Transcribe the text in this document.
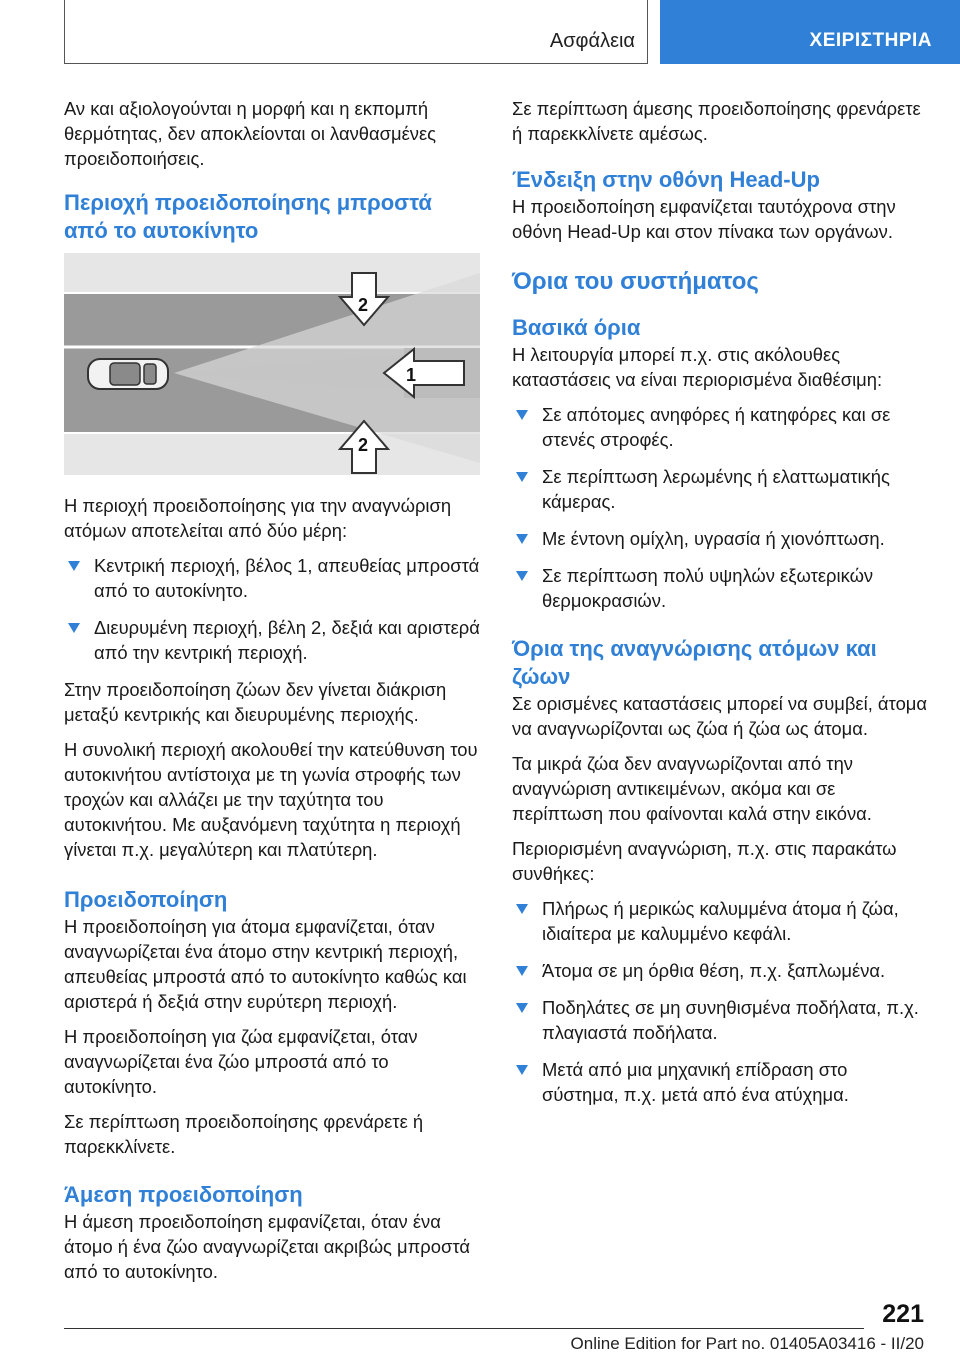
Ασφάλεια	ΧΕΙΡΙΣΤΗΡΙΑ

Αν και αξιολογούνται η μορφή και η εκπομπή θερμότητας, δεν αποκλείονται οι λανθασμένες προειδοποιήσεις.

Περιοχή προειδοποίησης μπροστά από το αυτοκίνητο
1
2
2

Η περιοχή προειδοποίησης για την αναγνώριση ατόμων αποτελείται από δύο μέρη:

Κεντρική περιοχή, βέλος 1, απευθείας μπροστά από το αυτοκίνητο.
Διευρυμένη περιοχή, βέλη 2, δεξιά και αριστερά από την κεντρική περιοχή.

Στην προειδοποίηση ζώων δεν γίνεται διάκριση μεταξύ κεντρικής και διευρυμένης περιοχής.

Η συνολική περιοχή ακολουθεί την κατεύθυνση του αυτοκινήτου αντίστοιχα με τη γωνία στροφής των τροχών και αλλάζει με την ταχύτητα του αυτοκινήτου. Με αυξανόμενη ταχύτητα η περιοχή γίνεται π.χ. μεγαλύτερη και πλατύτερη.

Προειδοποίηση

Η προειδοποίηση για άτομα εμφανίζεται, όταν αναγνωρίζεται ένα άτομο στην κεντρική περιοχή, απευθείας μπροστά από το αυτοκίνητο καθώς και αριστερά ή δεξιά στην ευρύτερη περιοχή.

Η προειδοποίηση για ζώα εμφανίζεται, όταν αναγνωρίζεται ένα ζώο μπροστά από το αυτοκίνητο.

Σε περίπτωση προειδοποίησης φρενάρετε ή παρεκκλίνετε.

Άμεση προειδοποίηση

Η άμεση προειδοποίηση εμφανίζεται, όταν ένα άτομο ή ένα ζώο αναγνωρίζεται ακριβώς μπροστά από το αυτοκίνητο.

Σε περίπτωση άμεσης προειδοποίησης φρενάρετε ή παρεκκλίνετε αμέσως.

Ένδειξη στην οθόνη Head-Up

Η προειδοποίηση εμφανίζεται ταυτόχρονα στην οθόνη Head-Up και στον πίνακα των οργάνων.

Όρια του συστήματος
Βασικά όρια

Η λειτουργία μπορεί π.χ. στις ακόλουθες καταστάσεις να είναι περιορισμένα διαθέσιμη:

Σε απότομες ανηφόρες ή κατηφόρες και σε στενές στροφές.
Σε περίπτωση λερωμένης ή ελαττωματικής κάμερας.
Με έντονη ομίχλη, υγρασία ή χιονόπτωση.
Σε περίπτωση πολύ υψηλών εξωτερικών θερμοκρασιών.
Όρια της αναγνώρισης ατόμων και ζώων

Σε ορισμένες καταστάσεις μπορεί να συμβεί, άτομα να αναγνωρίζονται ως ζώα ή ζώα ως άτομα.

Τα μικρά ζώα δεν αναγνωρίζονται από την αναγνώριση αντικειμένων, ακόμα και σε περίπτωση που φαίνονται καλά στην εικόνα.

Περιορισμένη αναγνώριση, π.χ. στις παρακάτω συνθήκες:

Πλήρως ή μερικώς καλυμμένα άτομα ή ζώα, ιδιαίτερα με καλυμμένο κεφάλι.
Άτομα σε μη όρθια θέση, π.χ. ξαπλωμένα.
Ποδηλάτες σε μη συνηθισμένα ποδήλατα, π.χ. πλαγιαστά ποδήλατα.
Μετά από μια μηχανική επίδραση στο σύστημα, π.χ. μετά από ένα ατύχημα.
221
Online Edition for Part no. 01405A03416 - II/20
